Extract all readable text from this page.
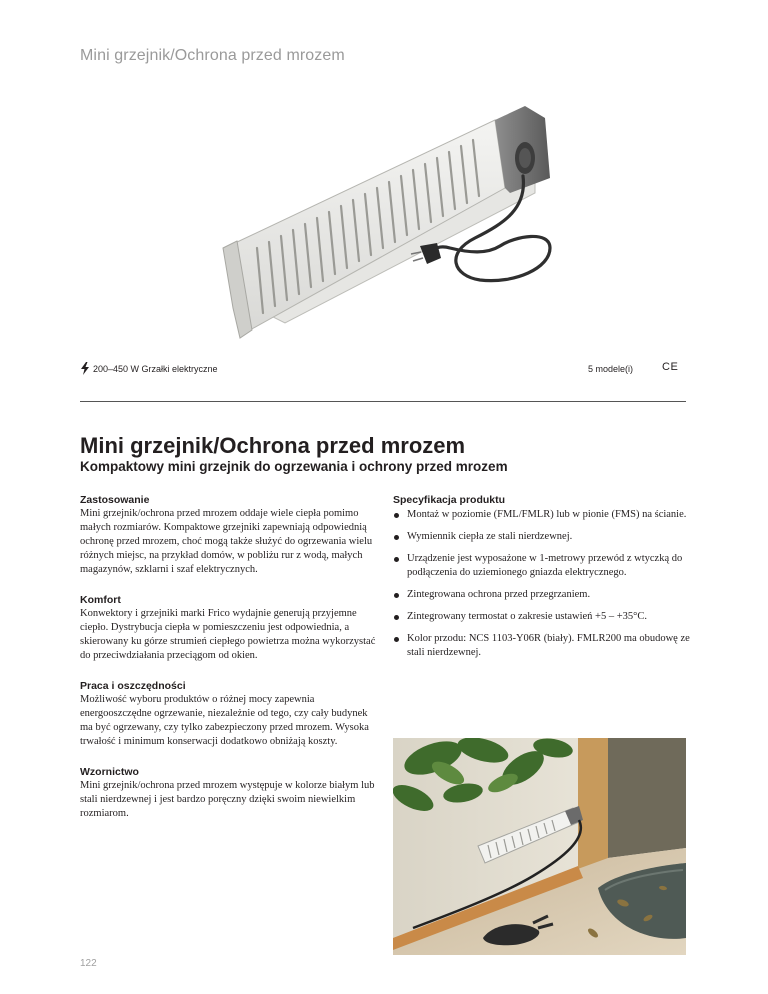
Mini grzejnik/Ochrona przed mrozem
200–450 W Grzałki elektryczne	5 modele(i)	CE
Mini grzejnik/Ochrona przed mrozem
Kompaktowy mini grzejnik do ogrzewania i ochrony przed mrozem

Zastosowanie

Mini grzejnik/ochrona przed mrozem oddaje wiele ciepła pomimo małych rozmiarów. Kompaktowe grzejniki zapewniają odpowiednią ochronę przed mrozem, choć mogą także służyć do ogrzewania wielu różnych miejsc, na przykład domów, w pobliżu rur z wodą, małych magazynów, szklarni i szaf elektrycznych.

Komfort

Konwektory i grzejniki marki Frico wydajnie generują przyjemne ciepło. Dystrybucja ciepła w pomieszczeniu jest odpowiednia, a skierowany ku górze strumień ciepłego powietrza można wykorzystać do przeciwdziałania przeciągom od okien.

Praca i oszczędności

Możliwość wyboru produktów o różnej mocy zapewnia energooszczędne ogrzewanie, niezależnie od tego, czy cały budynek ma być ogrzewany, czy tylko zabezpieczony przed mrozem. Wysoka trwałość i minimum konserwacji dodatkowo obniżają koszty.

Wzornictwo

Mini grzejnik/ochrona przed mrozem występuje w kolorze białym lub stali nierdzewnej i jest bardzo poręczny dzięki swoim niewielkim rozmiarom.

Specyfikacja produktu

Montaż w poziomie (FML/FMLR) lub w pionie (FMS) na ścianie.
Wymiennik ciepła ze stali nierdzewnej.
Urządzenie jest wyposażone w 1-metrowy przewód z wtyczką do podłączenia do uziemionego gniazda elektrycznego.
Zintegrowana ochrona przed przegrzaniem.
Zintegrowany termostat o zakresie ustawień +5 – +35°C.
Kolor przodu: NCS 1103-Y06R (biały). FMLR200 ma obudowę ze stali nierdzewnej.
122
